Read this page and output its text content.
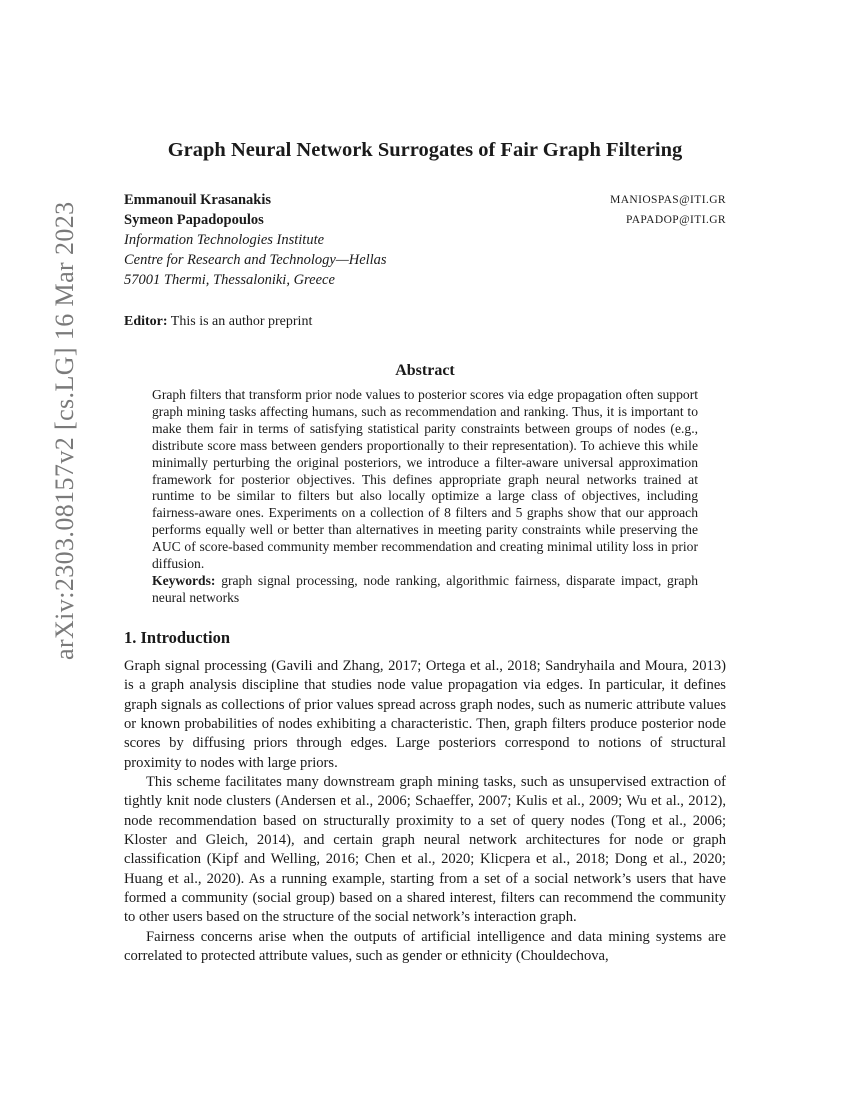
arXiv:2303.08157v2 [cs.LG] 16 Mar 2023
Graph Neural Network Surrogates of Fair Graph Filtering
Emmanouil Krasanakis	MANIOSPAS@ITI.GR
Symeon Papadopoulos	PAPADOP@ITI.GR
Information Technologies Institute
Centre for Research and Technology—Hellas
57001 Thermi, Thessaloniki, Greece
Editor: This is an author preprint
Abstract
Graph filters that transform prior node values to posterior scores via edge propagation often support graph mining tasks affecting humans, such as recommendation and ranking. Thus, it is important to make them fair in terms of satisfying statistical parity constraints between groups of nodes (e.g., distribute score mass between genders proportionally to their representation). To achieve this while minimally perturbing the original posteriors, we introduce a filter-aware universal approximation framework for posterior objectives. This defines appropriate graph neural networks trained at runtime to be similar to filters but also locally optimize a large class of objectives, including fairness-aware ones. Experiments on a collection of 8 filters and 5 graphs show that our approach performs equally well or better than alternatives in meeting parity constraints while preserving the AUC of score-based community member recommendation and creating minimal utility loss in prior diffusion.
Keywords: graph signal processing, node ranking, algorithmic fairness, disparate impact, graph neural networks
1. Introduction

Graph signal processing (Gavili and Zhang, 2017; Ortega et al., 2018; Sandryhaila and Moura, 2013) is a graph analysis discipline that studies node value propagation via edges. In particular, it defines graph signals as collections of prior values spread across graph nodes, such as numeric attribute values or known probabilities of nodes exhibiting a characteristic. Then, graph filters produce posterior node scores by diffusing priors through edges. Large posteriors correspond to notions of structural proximity to nodes with large priors.

This scheme facilitates many downstream graph mining tasks, such as unsupervised extraction of tightly knit node clusters (Andersen et al., 2006; Schaeffer, 2007; Kulis et al., 2009; Wu et al., 2012), node recommendation based on structurally proximity to a set of query nodes (Tong et al., 2006; Kloster and Gleich, 2014), and certain graph neural network architectures for node or graph classification (Kipf and Welling, 2016; Chen et al., 2020; Klicpera et al., 2018; Dong et al., 2020; Huang et al., 2020). As a running example, starting from a set of a social network’s users that have formed a community (social group) based on a shared interest, filters can recommend the community to other users based on the structure of the social network’s interaction graph.

Fairness concerns arise when the outputs of artificial intelligence and data mining systems are correlated to protected attribute values, such as gender or ethnicity (Chouldechova,
